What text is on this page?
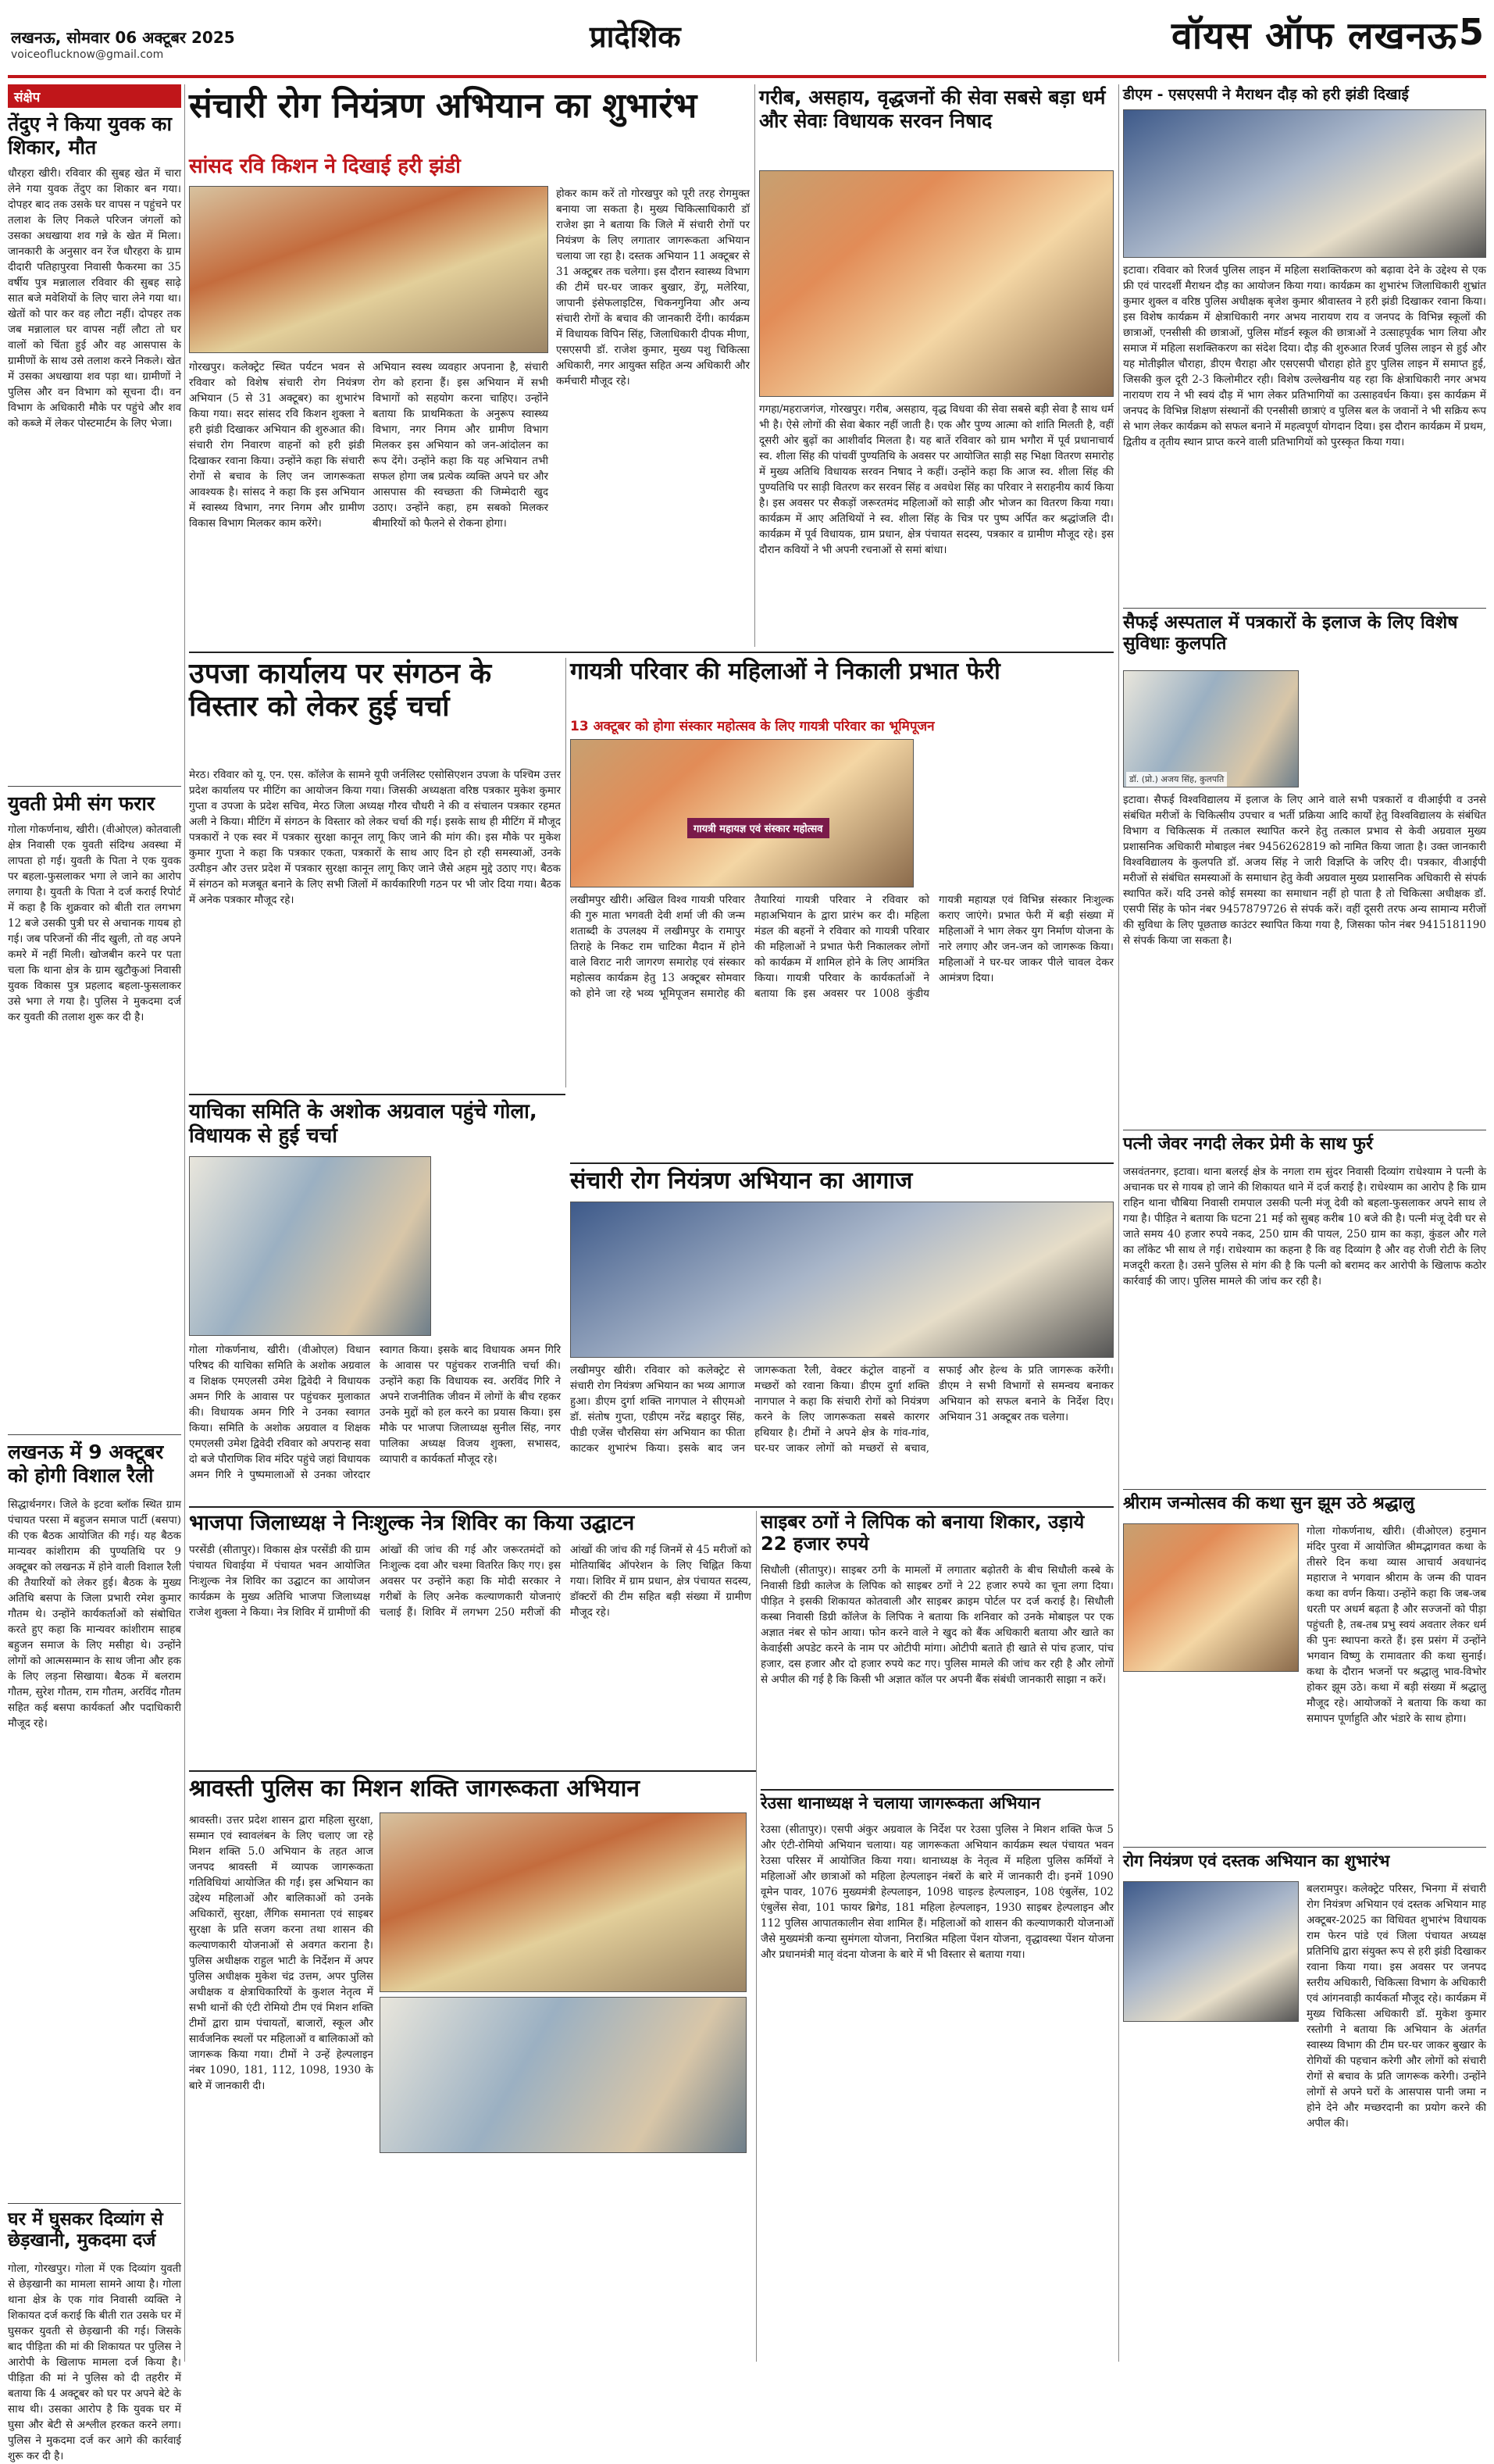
लखनऊ, सोमवार 06 अक्टूबर 2025
voiceoflucknow@gmail.com
प्रादेशिक	वॉयस ऑफ लखनऊ 5
संक्षेप
तेंदुए ने किया युवक का शिकार, मौत
धौरहरा खीरी। रविवार की सुबह खेत में चारा लेने गया युवक तेंदुए का शिकार बन गया। दोपहर बाद तक उसके घर वापस न पहुंचने पर तलाश के लिए निकले परिजन जंगलों को उसका अधखाया शव गन्ने के खेत में मिला। जानकारी के अनुसार वन रेंज धौरहरा के ग्राम दीदारी पतिहापुरवा निवासी फैकरमा का 35 वर्षीय पुत्र मन्नालाल रविवार की सुबह साढ़े सात बजे मवेशियों के लिए चारा लेने गया था। खेतों को पार कर वह लौटा नहीं। दोपहर तक जब मन्नालाल घर वापस नहीं लौटा तो घर वालों को चिंता हुई और वह आसपास के ग्रामीणों के साथ उसे तलाश करने निकले। खेत में उसका अधखाया शव पड़ा था। ग्रामीणों ने पुलिस और वन विभाग को सूचना दी। वन विभाग के अधिकारी मौके पर पहुंचे और शव को कब्जे में लेकर पोस्टमार्टम के लिए भेजा।
युवती प्रेमी संग फरार
गोला गोकर्णनाथ, खीरी। (वीओएल) कोतवाली क्षेत्र निवासी एक युवती संदिग्ध अवस्था में लापता हो गई। युवती के पिता ने एक युवक पर बहला-फुसलाकर भगा ले जाने का आरोप लगाया है। युवती के पिता ने दर्ज कराई रिपोर्ट में कहा है कि शुक्रवार को बीती रात लगभग 12 बजे उसकी पुत्री घर से अचानक गायब हो गई। जब परिजनों की नींद खुली, तो वह अपने कमरे में नहीं मिली। खोजबीन करने पर पता चला कि थाना क्षेत्र के ग्राम खुटौकुआं निवासी युवक विकास पुत्र प्रहलाद बहला-फुसलाकर उसे भगा ले गया है। पुलिस ने मुकदमा दर्ज कर युवती की तलाश शुरू कर दी है।
लखनऊ में 9 अक्टूबर को होगी विशाल रैली
सिद्धार्थनगर। जिले के इटवा ब्लॉक स्थित ग्राम पंचायत परसा में बहुजन समाज पार्टी (बसपा) की एक बैठक आयोजित की गई। यह बैठक मान्यवर कांशीराम की पुण्यतिथि पर 9 अक्टूबर को लखनऊ में होने वाली विशाल रैली की तैयारियों को लेकर हुई। बैठक के मुख्य अतिथि बसपा के जिला प्रभारी रमेश कुमार गौतम थे। उन्होंने कार्यकर्ताओं को संबोधित करते हुए कहा कि मान्यवर कांशीराम साहब बहुजन समाज के लिए मसीहा थे। उन्होंने लोगों को आत्मसम्मान के साथ जीना और हक के लिए लड़ना सिखाया। बैठक में बलराम गौतम, सुरेश गौतम, राम गौतम, अरविंद गौतम सहित कई बसपा कार्यकर्ता और पदाधिकारी मौजूद रहे।
घर में घुसकर दिव्यांग से छेड़खानी, मुकदमा दर्ज
गोला, गोरखपुर। गोला में एक दिव्यांग युवती से छेड़खानी का मामला सामने आया है। गोला थाना क्षेत्र के एक गांव निवासी व्यक्ति ने शिकायत दर्ज कराई कि बीती रात उसके घर में घुसकर युवती से छेड़खानी की गई। जिसके बाद पीड़िता की मां की शिकायत पर पुलिस ने आरोपी के खिलाफ मामला दर्ज किया है। पीड़िता की मां ने पुलिस को दी तहरीर में बताया कि 4 अक्टूबर को घर पर अपने बेटे के साथ थी। उसका आरोप है कि युवक घर में घुसा और बेटी से अश्लील हरकत करने लगा। पुलिस ने मुकदमा दर्ज कर आगे की कार्रवाई शुरू कर दी है।
संचारी रोग नियंत्रण अभियान का शुभारंभ
सांसद रवि किशन ने दिखाई हरी झंडी
गोरखपुर। कलेक्ट्रेट स्थित पर्यटन भवन से रविवार को विशेष संचारी रोग नियंत्रण अभियान (5 से 31 अक्टूबर) का शुभारंभ किया गया। सदर सांसद रवि किशन शुक्ला ने हरी झंडी दिखाकर अभियान की शुरुआत की। संचारी रोग निवारण वाहनों को हरी झंडी दिखाकर रवाना किया। उन्होंने कहा कि संचारी रोगों से बचाव के लिए जन जागरूकता आवश्यक है। सांसद ने कहा कि इस अभियान में स्वास्थ्य विभाग, नगर निगम और ग्रामीण विकास विभाग मिलकर काम करेंगे।
अभियान स्वस्थ व्यवहार अपनाना है, संचारी रोग को हराना हैं। इस अभियान में सभी विभागों को सहयोग करना चाहिए। उन्होंने बताया कि प्राथमिकता के अनुरूप स्वास्थ्य विभाग, नगर निगम और ग्रामीण विभाग मिलकर इस अभियान को जन-आंदोलन का रूप देंगे। उन्होंने कहा कि यह अभियान तभी सफल होगा जब प्रत्येक व्यक्ति अपने घर और आसपास की स्वच्छता की जिम्मेदारी खुद उठाए। उन्होंने कहा, हम सबको मिलकर बीमारियों को फैलने से रोकना होगा।
होकर काम करें तो गोरखपुर को पूरी तरह रोगमुक्त बनाया जा सकता है। मुख्य चिकित्साधिकारी डॉ राजेश झा ने बताया कि जिले में संचारी रोगों पर नियंत्रण के लिए लगातार जागरूकता अभियान चलाया जा रहा है। दस्तक अभियान 11 अक्टूबर से 31 अक्टूबर तक चलेगा। इस दौरान स्वास्थ्य विभाग की टीमें घर-घर जाकर बुखार, डेंगू, मलेरिया, जापानी इंसेफलाइटिस, चिकनगुनिया और अन्य संचारी रोगों के बचाव की जानकारी देंगी। कार्यक्रम में विधायक विपिन सिंह, जिलाधिकारी दीपक मीणा, एसएसपी डॉ. राजेश कुमार, मुख्य पशु चिकित्सा अधिकारी, नगर आयुक्त सहित अन्य अधिकारी और कर्मचारी मौजूद रहे।
गरीब, असहाय, वृद्धजनों की सेवा सबसे बड़ा धर्म और सेवाः विधायक सरवन निषाद
गगहा/महराजगंज, गोरखपुर। गरीब, असहाय, वृद्ध विधवा की सेवा सबसे बड़ी सेवा है साथ धर्म भी है। ऐसे लोगों की सेवा बेकार नहीं जाती है। एक और पुण्य आत्मा को शांति मिलती है, वहीं दूसरी ओर बुढ़ों का आशीर्वाद मिलता है। यह बातें रविवार को ग्राम भगौरा में पूर्व प्रधानाचार्य स्व. शीला सिंह की पांचवीं पुण्यतिथि के अवसर पर आयोजित साड़ी सह भिक्षा वितरण समारोह में मुख्य अतिथि विधायक सरवन निषाद ने कहीं। उन्होंने कहा कि आज स्व. शीला सिंह की पुण्यतिथि पर साड़ी वितरण कर सरवन सिंह व अवधेश सिंह का परिवार ने सराहनीय कार्य किया है। इस अवसर पर सैकड़ों जरूरतमंद महिलाओं को साड़ी और भोजन का वितरण किया गया। कार्यक्रम में आए अतिथियों ने स्व. शीला सिंह के चित्र पर पुष्प अर्पित कर श्रद्धांजलि दी। कार्यक्रम में पूर्व विधायक, ग्राम प्रधान, क्षेत्र पंचायत सदस्य, पत्रकार व ग्रामीण मौजूद रहे। इस दौरान कवियों ने भी अपनी रचनाओं से समां बांधा।
डीएम - एसएसपी ने मैराथन दौड़ को हरी झंडी दिखाई
इटावा। रविवार को रिजर्व पुलिस लाइन में महिला सशक्तिकरण को बढ़ावा देने के उद्देश्य से एक फ्री एवं पारदर्शी मैराथन दौड़ का आयोजन किया गया। कार्यक्रम का शुभारंभ जिलाधिकारी शुभ्रांत कुमार शुक्ल व वरिष्ठ पुलिस अधीक्षक बृजेश कुमार श्रीवास्तव ने हरी झंडी दिखाकर रवाना किया। इस विशेष कार्यक्रम में क्षेत्राधिकारी नगर अभय नारायण राय व जनपद के विभिन्न स्कूलों की छात्राओं, एनसीसी की छात्राओं, पुलिस मॉडर्न स्कूल की छात्राओं ने उत्साहपूर्वक भाग लिया और समाज में महिला सशक्तिकरण का संदेश दिया। दौड़ की शुरुआत रिजर्व पुलिस लाइन से हुई और यह मोतीझील चौराहा, डीएम चैराहा और एसएसपी चौराहा होते हुए पुलिस लाइन में समाप्त हुई, जिसकी कुल दूरी 2-3 किलोमीटर रही। विशेष उल्लेखनीय यह रहा कि क्षेत्राधिकारी नगर अभय नारायण राय ने भी स्वयं दौड़ में भाग लेकर प्रतिभागियों का उत्साहवर्धन किया। इस कार्यक्रम में जनपद के विभिन्न शिक्षण संस्थानों की एनसीसी छात्राएं व पुलिस बल के जवानों ने भी सक्रिय रूप से भाग लेकर कार्यक्रम को सफल बनाने में महत्वपूर्ण योगदान दिया। इस दौरान कार्यक्रम में प्रथम, द्वितीय व तृतीय स्थान प्राप्त करने वाली प्रतिभागियों को पुरस्कृत किया गया।
सैफई अस्पताल में पत्रकारों के इलाज के लिए विशेष सुविधाः कुलपति
डॉ. (प्रो.) अजय सिंह, कुलपति
इटावा। सैफई विश्वविद्यालय में इलाज के लिए आने वाले सभी पत्रकारों व वीआईपी व उनसे संबंधित मरीजों के चिकित्सीय उपचार व भर्ती प्रक्रिया आदि कार्यों हेतु विश्वविद्यालय के संबंधित विभाग व चिकित्सक में तत्काल स्थापित करने हेतु तत्काल प्रभाव से केवी अग्रवाल मुख्य प्रशासनिक अधिकारी मोबाइल नंबर 9456262819 को नामित किया जाता है। उक्त जानकारी विश्वविद्यालय के कुलपति डॉ. अजय सिंह ने जारी विज्ञप्ति के जरिए दी। पत्रकार, वीआईपी मरीजों से संबंधित समस्याओं के समाधान हेतु केवी अग्रवाल मुख्य प्रशासनिक अधिकारी से संपर्क स्थापित करें। यदि उनसे कोई समस्या का समाधान नहीं हो पाता है तो चिकित्सा अधीक्षक डॉ. एसपी सिंह के फोन नंबर 9457879726 से संपर्क करें। वहीं दूसरी तरफ अन्य सामान्य मरीजों की सुविधा के लिए पूछताछ काउंटर स्थापित किया गया है, जिसका फोन नंबर 9415181190 से संपर्क किया जा सकता है।
पत्नी जेवर नगदी लेकर प्रेमी के साथ फुर्र
जसवंतनगर, इटावा। थाना बलरई क्षेत्र के नगला राम सुंदर निवासी दिव्यांग राधेश्याम ने पत्नी के अचानक घर से गायब हो जाने की शिकायत थाने में दर्ज कराई है। राधेश्याम का आरोप है कि ग्राम राहिन थाना चौबिया निवासी रामपाल उसकी पत्नी मंजू देवी को बहला-फुसलाकर अपने साथ ले गया है। पीड़ित ने बताया कि घटना 21 मई को सुबह करीब 10 बजे की है। पत्नी मंजू देवी घर से जाते समय 40 हजार रुपये नकद, 250 ग्राम की पायल, 250 ग्राम का कड़ा, कुंडल और गले का लॉकेट भी साथ ले गई। राधेश्याम का कहना है कि वह दिव्यांग है और वह रोजी रोटी के लिए मजदूरी करता है। उसने पुलिस से मांग की है कि पत्नी को बरामद कर आरोपी के खिलाफ कठोर कार्रवाई की जाए। पुलिस मामले की जांच कर रही है।
श्रीराम जन्मोत्सव की कथा सुन झूम उठे श्रद्धालु
गोला गोकर्णनाथ, खीरी। (वीओएल) हनुमान मंदिर पुरवा में आयोजित श्रीमद्भागवत कथा के तीसरे दिन कथा व्यास आचार्य अवधानंद महाराज ने भगवान श्रीराम के जन्म की पावन कथा का वर्णन किया। उन्होंने कहा कि जब-जब धरती पर अधर्म बढ़ता है और सज्जनों को पीड़ा पहुंचती है, तब-तब प्रभु स्वयं अवतार लेकर धर्म की पुनः स्थापना करते हैं। इस प्रसंग में उन्होंने भगवान विष्णु के रामावतार की कथा सुनाई। कथा के दौरान भजनों पर श्रद्धालु भाव-विभोर होकर झूम उठे। कथा में बड़ी संख्या में श्रद्धालु मौजूद रहे। आयोजकों ने बताया कि कथा का समापन पूर्णाहुति और भंडारे के साथ होगा।
रोग नियंत्रण एवं दस्तक अभियान का शुभारंभ
बलरामपुर। कलेक्ट्रेट परिसर, भिनगा में संचारी रोग नियंत्रण अभियान एवं दस्तक अभियान माह अक्टूबर-2025 का विधिवत शुभारंभ विधायक राम फेरन पांडे एवं जिला पंचायत अध्यक्ष प्रतिनिधि द्वारा संयुक्त रूप से हरी झंडी दिखाकर रवाना किया गया। इस अवसर पर जनपद स्तरीय अधिकारी, चिकित्सा विभाग के अधिकारी एवं आंगनवाड़ी कार्यकर्ता मौजूद रहे। कार्यक्रम में मुख्य चिकित्सा अधिकारी डॉ. मुकेश कुमार रस्तोगी ने बताया कि अभियान के अंतर्गत स्वास्थ्य विभाग की टीम घर-घर जाकर बुखार के रोगियों की पहचान करेगी और लोगों को संचारी रोगों से बचाव के प्रति जागरूक करेगी। उन्होंने लोगों से अपने घरों के आसपास पानी जमा न होने देने और मच्छरदानी का प्रयोग करने की अपील की।
उपजा कार्यालय पर संगठन के विस्तार को लेकर हुई चर्चा
मेरठ। रविवार को यू. एन. एस. कॉलेज के सामने यूपी जर्नलिस्ट एसोसिएशन उपजा के पश्चिम उत्तर प्रदेश कार्यालय पर मीटिंग का आयोजन किया गया। जिसकी अध्यक्षता वरिष्ठ पत्रकार मुकेश कुमार गुप्ता व उपजा के प्रदेश सचिव, मेरठ जिला अध्यक्ष गौरव चौधरी ने की व संचालन पत्रकार रहमत अली ने किया। मीटिंग में संगठन के विस्तार को लेकर चर्चा की गई। इसके साथ ही मीटिंग में मौजूद पत्रकारों ने एक स्वर में पत्रकार सुरक्षा कानून लागू किए जाने की मांग की। इस मौके पर मुकेश कुमार गुप्ता ने कहा कि पत्रकार एकता, पत्रकारों के साथ आए दिन हो रही समस्याओं, उनके उत्पीड़न और उत्तर प्रदेश में पत्रकार सुरक्षा कानून लागू किए जाने जैसे अहम मुद्दे उठाए गए। बैठक में संगठन को मजबूत बनाने के लिए सभी जिलों में कार्यकारिणी गठन पर भी जोर दिया गया। बैठक में अनेक पत्रकार मौजूद रहे।
गायत्री परिवार की महिलाओं ने निकाली प्रभात फेरी
13 अक्टूबर को होगा संस्कार महोत्सव के लिए गायत्री परिवार का भूमिपूजन
गायत्री महायज्ञ एवं संस्कार महोत्सव
लखीमपुर खीरी। अखिल विश्व गायत्री परिवार की गुरु माता भगवती देवी शर्मा जी की जन्म शताब्दी के उपलक्ष्य में लखीमपुर के रामापुर तिराहे के निकट राम चाटिका मैदान में होने वाले विराट नारी जागरण समारोह एवं संस्कार महोत्सव कार्यक्रम हेतु 13 अक्टूबर सोमवार को होने जा रहे भव्य भूमिपूजन समारोह की तैयारियां गायत्री परिवार ने रविवार को महाअभियान के द्वारा प्रारंभ कर दी। महिला मंडल की बहनों ने रविवार को गायत्री परिवार की महिलाओं ने प्रभात फेरी निकालकर लोगों को कार्यक्रम में शामिल होने के लिए आमंत्रित किया। गायत्री परिवार के कार्यकर्ताओं ने बताया कि इस अवसर पर 1008 कुंडीय गायत्री महायज्ञ एवं विभिन्न संस्कार निःशुल्क कराए जाएंगे। प्रभात फेरी में बड़ी संख्या में महिलाओं ने भाग लेकर युग निर्माण योजना के नारे लगाए और जन-जन को जागरूक किया। महिलाओं ने घर-घर जाकर पीले चावल देकर आमंत्रण दिया।
याचिका समिति के अशोक अग्रवाल पहुंचे गोला, विधायक से हुई चर्चा
गोला गोकर्णनाथ, खीरी। (वीओएल) विधान परिषद की याचिका समिति के अशोक अग्रवाल व शिक्षक एमएलसी उमेश द्विवेदी ने विधायक अमन गिरि के आवास पर पहुंचकर मुलाकात की। विधायक अमन गिरि ने उनका स्वागत किया। समिति के अशोक अग्रवाल व शिक्षक एमएलसी उमेश द्विवेदी रविवार को अपरान्ह सवा दो बजे पौराणिक शिव मंदिर पहुंचे जहां विधायक अमन गिरि ने पुष्पमालाओं से उनका जोरदार स्वागत किया। इसके बाद विधायक अमन गिरि के आवास पर पहुंचकर राजनीति चर्चा की। उन्होंने कहा कि विधायक स्व. अरविंद गिरि ने अपने राजनीतिक जीवन में लोगों के बीच रहकर उनके मुद्दों को हल करने का प्रयास किया। इस मौके पर भाजपा जिलाध्यक्ष सुनील सिंह, नगर पालिका अध्यक्ष विजय शुक्ला, सभासद, व्यापारी व कार्यकर्ता मौजूद रहे।
संचारी रोग नियंत्रण अभियान का आगाज
लखीमपुर खीरी। रविवार को कलेक्ट्रेट से संचारी रोग नियंत्रण अभियान का भव्य आगाज हुआ। डीएम दुर्गा शक्ति नागपाल ने सीएमओ डॉ. संतोष गुप्ता, एडीएम नरेंद्र बहादुर सिंह, पीडी एजेंस चौरसिया संग अभियान का फीता काटकर शुभारंभ किया। इसके बाद जन जागरूकता रैली, वेक्टर कंट्रोल वाहनों व मच्छरों को रवाना किया। डीएम दुर्गा शक्ति नागपाल ने कहा कि संचारी रोगों को नियंत्रण करने के लिए जागरूकता सबसे कारगर हथियार है। टीमों ने अपने क्षेत्र के गांव-गांव, घर-घर जाकर लोगों को मच्छरों से बचाव, सफाई और हेल्थ के प्रति जागरूक करेंगी। डीएम ने सभी विभागों से समन्वय बनाकर अभियान को सफल बनाने के निर्देश दिए। अभियान 31 अक्टूबर तक चलेगा।
भाजपा जिलाध्यक्ष ने निःशुल्क नेत्र शिविर का किया उद्घाटन
परसेंडी (सीतापुर)। विकास क्षेत्र परसेंडी की ग्राम पंचायत धिवाईया में पंचायत भवन आयोजित निःशुल्क नेत्र शिविर का उद्घाटन का आयोजन कार्यक्रम के मुख्य अतिथि भाजपा जिलाध्यक्ष राजेश शुक्ला ने किया। नेत्र शिविर में ग्रामीणों की आंखों की जांच की गई और जरूरतमंदों को निःशुल्क दवा और चश्मा वितरित किए गए। इस अवसर पर उन्होंने कहा कि मोदी सरकार ने गरीबों के लिए अनेक कल्याणकारी योजनाएं चलाई हैं। शिविर में लगभग 250 मरीजों की आंखों की जांच की गई जिनमें से 45 मरीजों को मोतियाबिंद ऑपरेशन के लिए चिह्नित किया गया। शिविर में ग्राम प्रधान, क्षेत्र पंचायत सदस्य, डॉक्टरों की टीम सहित बड़ी संख्या में ग्रामीण मौजूद रहे।
साइबर ठगों ने लिपिक को बनाया शिकार, उड़ाये 22 हजार रुपये
सिधौली (सीतापुर)। साइबर ठगी के मामलों में लगातार बढ़ोतरी के बीच सिधौली कस्बे के निवासी डिग्री कालेज के लिपिक को साइबर ठगों ने 22 हजार रुपये का चूना लगा दिया। पीड़ित ने इसकी शिकायत कोतवाली और साइबर क्राइम पोर्टल पर दर्ज कराई है। सिधौली कस्बा निवासी डिग्री कॉलेज के लिपिक ने बताया कि शनिवार को उनके मोबाइल पर एक अज्ञात नंबर से फोन आया। फोन करने वाले ने खुद को बैंक अधिकारी बताया और खाते का केवाईसी अपडेट करने के नाम पर ओटीपी मांगा। ओटीपी बताते ही खाते से पांच हजार, पांच हजार, दस हजार और दो हजार रुपये कट गए। पुलिस मामले की जांच कर रही है और लोगों से अपील की गई है कि किसी भी अज्ञात कॉल पर अपनी बैंक संबंधी जानकारी साझा न करें।
श्रावस्ती पुलिस का मिशन शक्ति जागरूकता अभियान
श्रावस्ती। उत्तर प्रदेश शासन द्वारा महिला सुरक्षा, सम्मान एवं स्वावलंबन के लिए चलाए जा रहे मिशन शक्ति 5.0 अभियान के तहत आज जनपद श्रावस्ती में व्यापक जागरूकता गतिविधियां आयोजित की गईं। इस अभियान का उद्देश्य महिलाओं और बालिकाओं को उनके अधिकारों, सुरक्षा, लैंगिक समानता एवं साइबर सुरक्षा के प्रति सजग करना तथा शासन की कल्याणकारी योजनाओं से अवगत कराना है। पुलिस अधीक्षक राहुल भाटी के निर्देशन में अपर पुलिस अधीक्षक मुकेश चंद्र उत्तम, अपर पुलिस अधीक्षक व क्षेत्राधिकारियों के कुशल नेतृत्व में सभी थानों की एंटी रोमियो टीम एवं मिशन शक्ति टीमों द्वारा ग्राम पंचायतों, बाजारों, स्कूल और सार्वजनिक स्थलों पर महिलाओं व बालिकाओं को जागरूक किया गया। टीमों ने उन्हें हेल्पलाइन नंबर 1090, 181, 112, 1098, 1930 के बारे में जानकारी दी।
रेउसा थानाध्यक्ष ने चलाया जागरूकता अभियान
रेउसा (सीतापुर)। एसपी अंकुर अग्रवाल के निर्देश पर रेउसा पुलिस ने मिशन शक्ति फेज 5 और एंटी-रोमियो अभियान चलाया। यह जागरूकता अभियान कार्यक्रम स्थल पंचायत भवन रेउसा परिसर में आयोजित किया गया। थानाध्यक्ष के नेतृत्व में महिला पुलिस कर्मियों ने महिलाओं और छात्राओं को महिला हेल्पलाइन नंबरों के बारे में जानकारी दी। इनमें 1090 वूमेन पावर, 1076 मुख्यमंत्री हेल्पलाइन, 1098 चाइल्ड हेल्पलाइन, 108 एंबुलेंस, 102 एंबुलेंस सेवा, 101 फायर ब्रिगेड, 181 महिला हेल्पलाइन, 1930 साइबर हेल्पलाइन और 112 पुलिस आपातकालीन सेवा शामिल हैं। महिलाओं को शासन की कल्याणकारी योजनाओं जैसे मुख्यमंत्री कन्या सुमंगला योजना, निराश्रित महिला पेंशन योजना, वृद्धावस्था पेंशन योजना और प्रधानमंत्री मातृ वंदना योजना के बारे में भी विस्तार से बताया गया।
